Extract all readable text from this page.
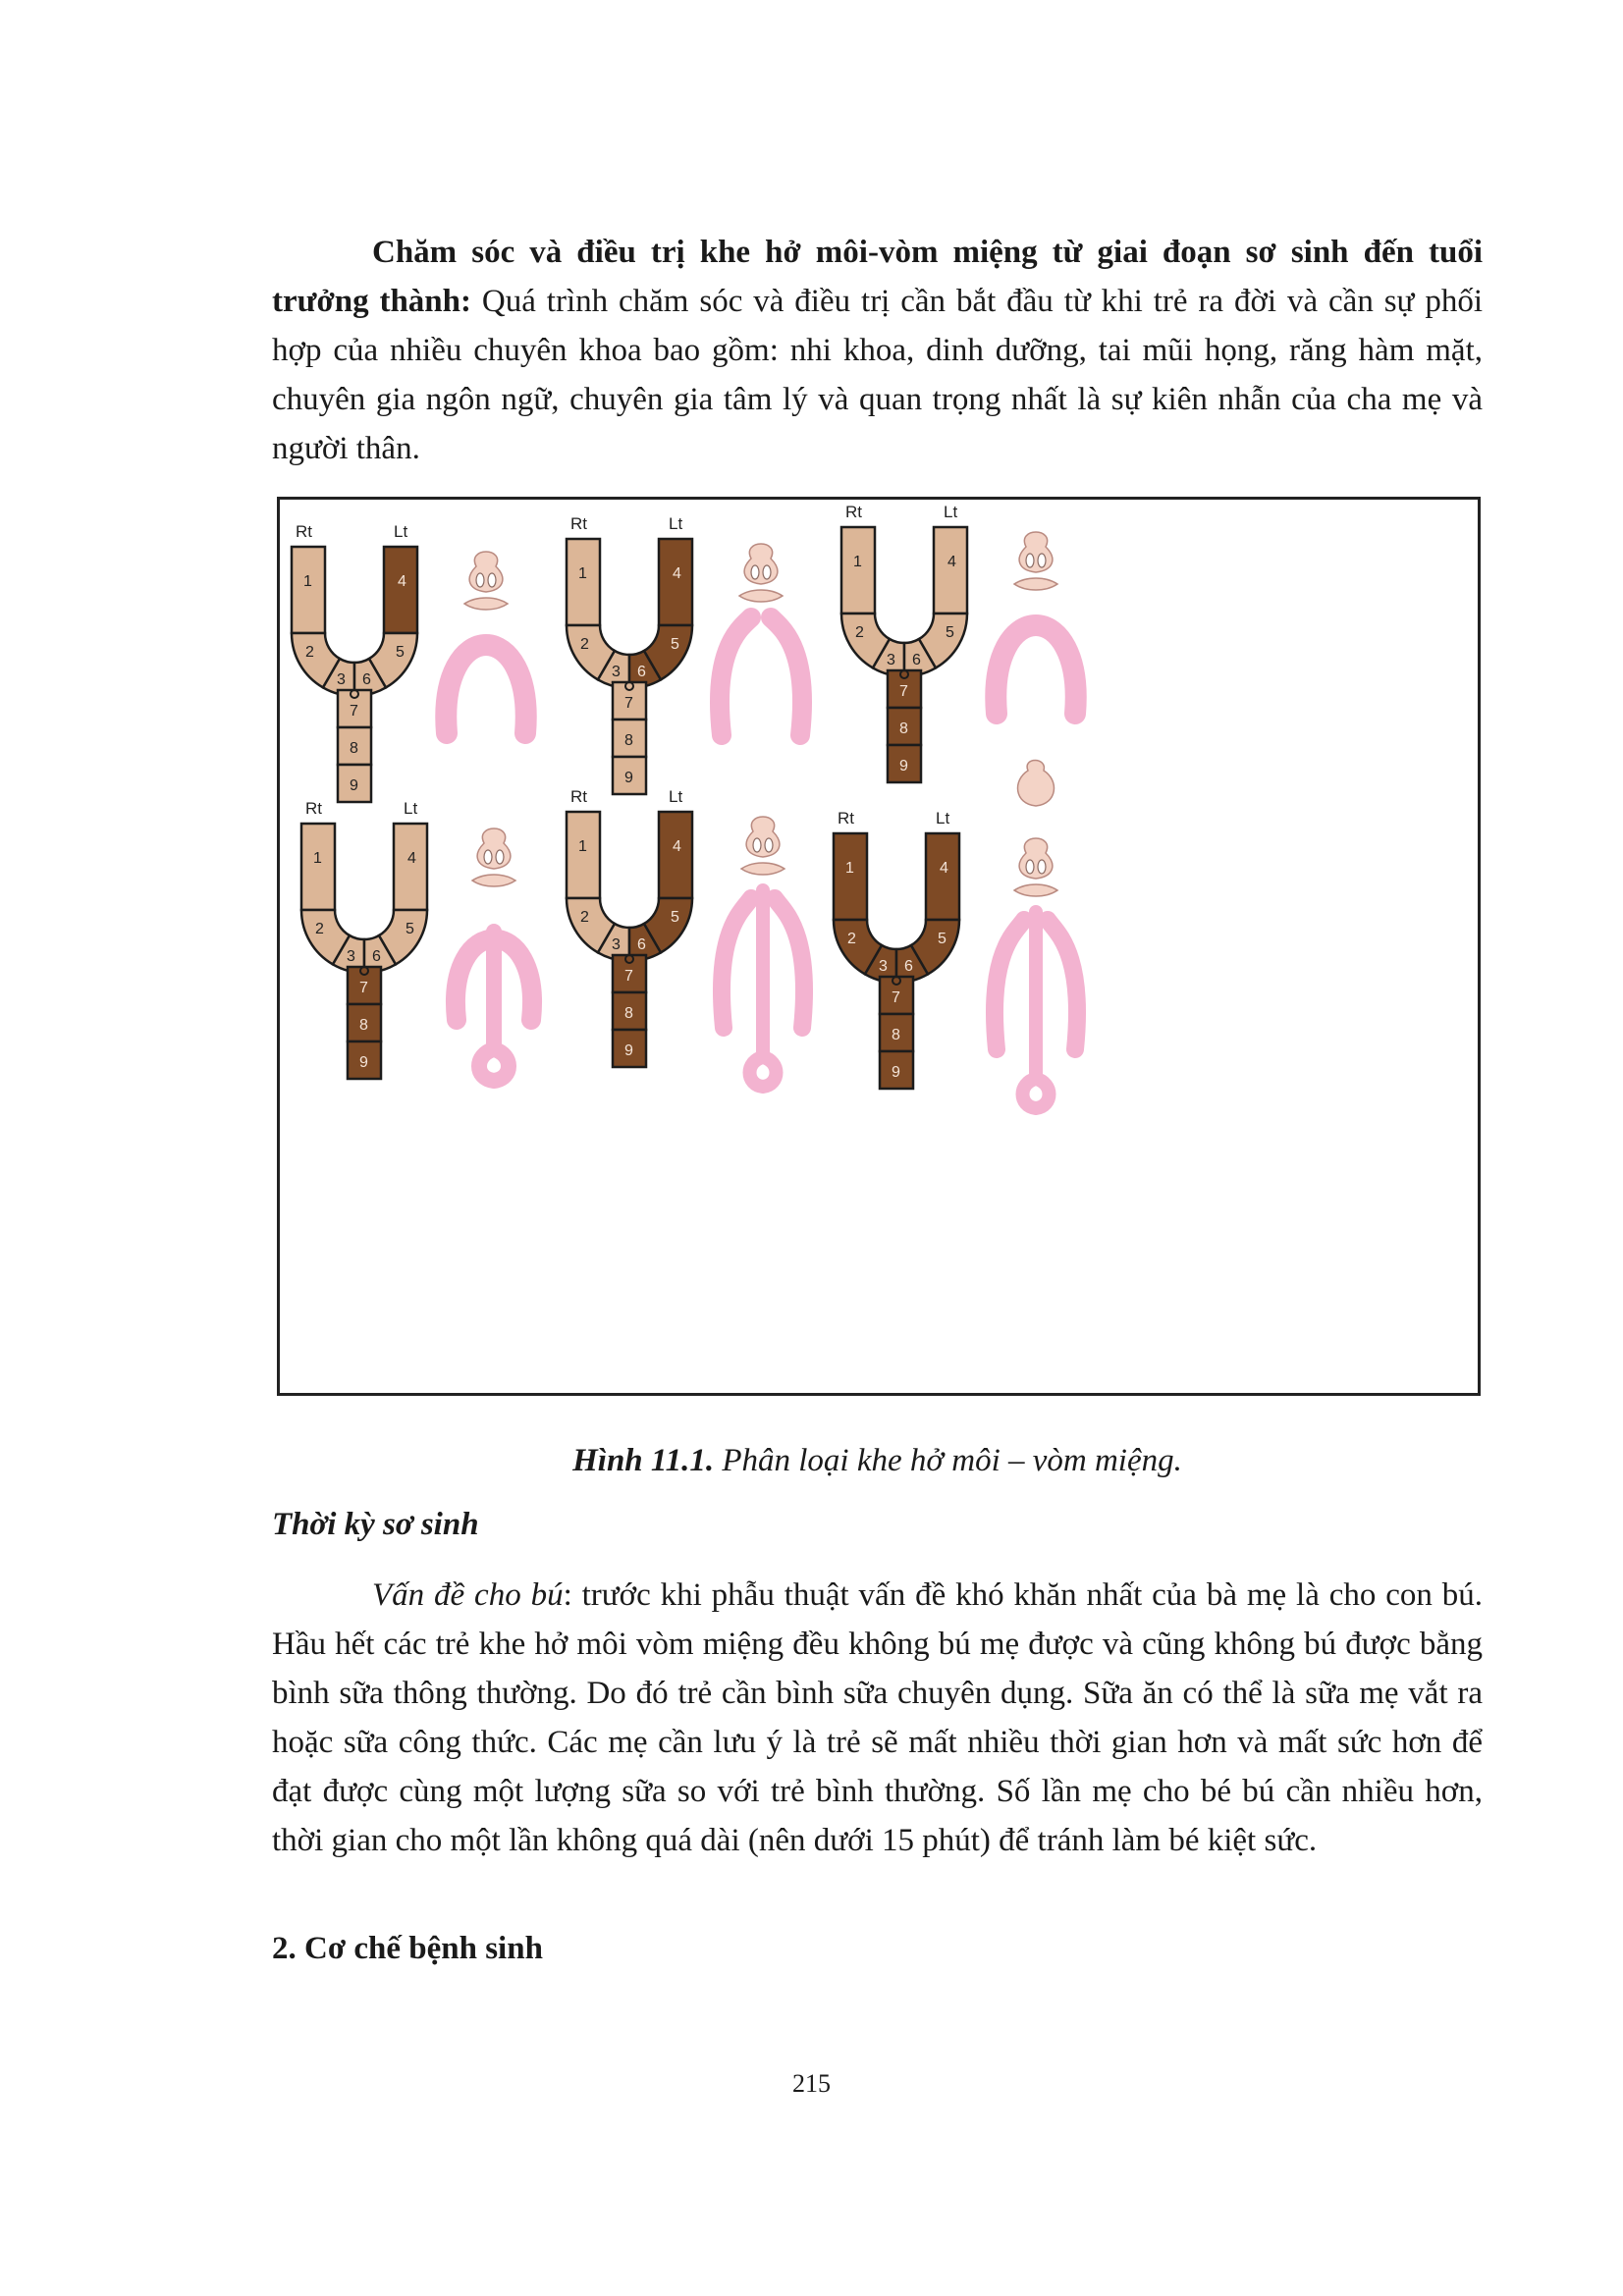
Chăm sóc và điều trị khe hở môi-vòm miệng từ giai đoạn sơ sinh đến tuổi trưởng thành: Quá trình chăm sóc và điều trị cần bắt đầu từ khi trẻ ra đời và cần sự phối hợp của nhiều chuyên khoa bao gồm: nhi khoa, dinh dưỡng, tai mũi họng, răng hàm mặt, chuyên gia ngôn ngữ, chuyên gia tâm lý và quan trọng nhất là sự kiên nhẫn của cha mẹ và người thân.

Rt	Lt
1
2
3
4
5
6
7
8
9
Rt	Lt
1
2
3
4
5
6
7
8
9
Rt	Lt
1
2
3
4
5
6
7
8
9
Rt	Lt
1
2
3
4
5
6
7
8
9
Rt	Lt
1
2
3
4
5
6
7
8
9
Rt	Lt
1
2
3
4
5
6
7
8
9
Hình 11.1. Phân loại khe hở môi – vòm miệng.
Thời kỳ sơ sinh

Vấn đề cho bú: trước khi phẫu thuật vấn đề khó khăn nhất của bà mẹ là cho con bú. Hầu hết các trẻ khe hở môi vòm miệng đều không bú mẹ được và cũng không bú được bằng bình sữa thông thường. Do đó trẻ cần bình sữa chuyên dụng. Sữa ăn có thể là sữa mẹ vắt ra hoặc sữa công thức. Các mẹ cần lưu ý là trẻ sẽ mất nhiều thời gian hơn và mất sức hơn để đạt được cùng một lượng sữa so với trẻ bình thường. Số lần mẹ cho bé bú cần nhiều hơn, thời gian cho một lần không quá dài (nên dưới 15 phút) để tránh làm bé kiệt sức.

2. Cơ chế bệnh sinh
215
